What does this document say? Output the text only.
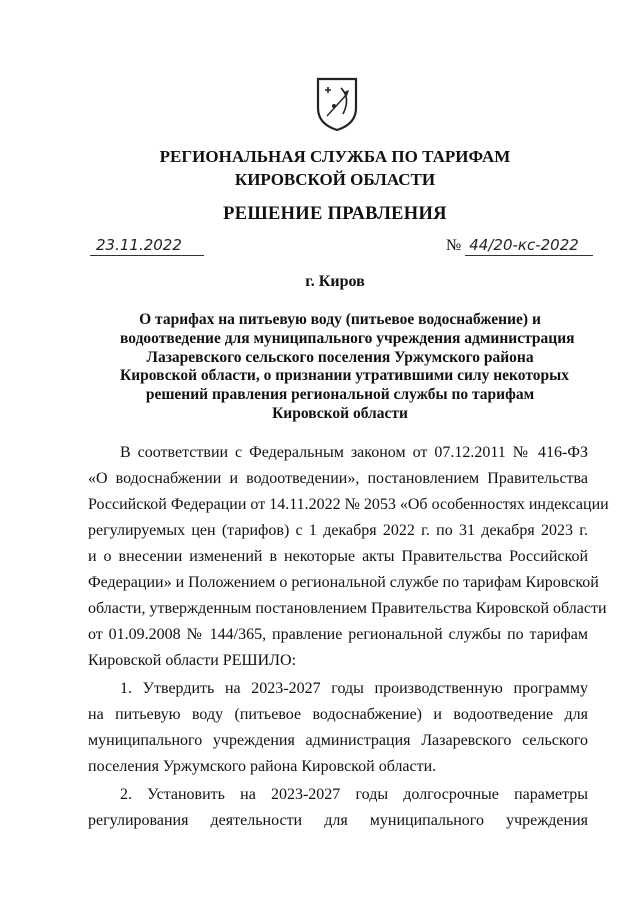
РЕГИОНАЛЬНАЯ СЛУЖБА ПО ТАРИФАМ
КИРОВСКОЙ ОБЛАСТИ
РЕШЕНИЕ ПРАВЛЕНИЯ
23.11.2022	№ 44/20-кс-2022
г. Киров
О тарифах на питьевую воду (питьевое водоснабжение) и
водоотведение для муниципального учреждения администрация
Лазаревского сельского поселения Уржумского района
Кировской области, о признании утратившими силу некоторых
решений правления региональной службы по тарифам
Кировской области
В соответствии с Федеральным законом от 07.12.2011 № 416-ФЗ
«О водоснабжении и водоотведении», постановлением Правительства
Российской Федерации от 14.11.2022 № 2053 «Об особенностях индексации
регулируемых цен (тарифов) с 1 декабря 2022 г. по 31 декабря 2023 г.
и о внесении изменений в некоторые акты Правительства Российской
Федерации» и Положением о региональной службе по тарифам Кировской
области, утвержденным постановлением Правительства Кировской области
от 01.09.2008 № 144/365, правление региональной службы по тарифам
Кировской области РЕШИЛО:
1. Утвердить на 2023-2027 годы производственную программу
на питьевую воду (питьевое водоснабжение) и водоотведение для
муниципального учреждения администрация Лазаревского сельского
поселения Уржумского района Кировской области.
2. Установить на 2023-2027 годы долгосрочные параметры
регулирования деятельности для муниципального учреждения
